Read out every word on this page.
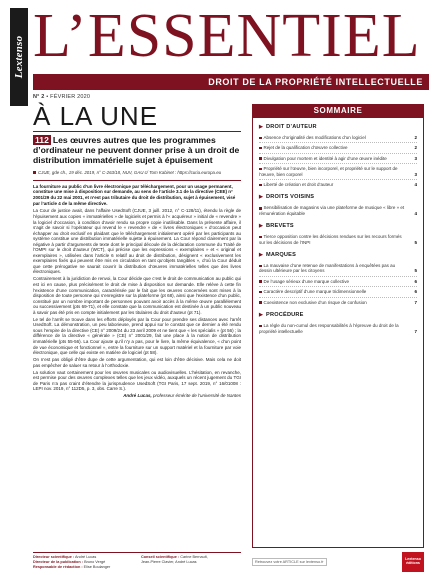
Lextenso L’ESSENTIEL
DROIT DE LA PROPRIÉTÉ INTELLECTUELLE
N° 2 • FÉVRIER 2020
À LA UNE
112 Les œuvres autres que les programmes d’ordinateur ne peuvent donner prise à un droit de distribution immatérielle sujet à épuisement
CJUE, gde ch., 19 déc. 2019, n° C-263/18, NUV, GAU c/ Tom Kabinet : https://curia.europa.eu
La fourniture au public d’un livre électronique par téléchargement, pour un usage permanent, constitue une mise à disposition sur demande, au sens de l’article 3.1 de la directive (CEE) n° 2001/29 du 22 mai 2001, et n’est pas tributaire du droit de distribution, sujet à épuisement, visé par l’article 4 de la même directive.

La Cour de justice avait, dans l’affaire UsedSoft (CJUE, 3 juill. 2012, n° C-128/11), étendu la règle de l’épuisement aux copies « immatérielles » de logiciels et permis à l’« acquéreur » initial de « revendre » la logiciel d’occasion, à condition d’avoir rendu sa propre copie inutilisable. Dans la présente affaire, il s’agit de savoir si l’opérateur qui revend le « revendre » de « livres électroniques » d’occasion peut échapper au droit exclusif en plaidant que le téléchargement initialement opéré par les participants au système constitue une distribution immatérielle sujette à épuisement. La Cour répond clairement par la négative à partir d’arguments de texte dont le principal découle de la déclaration commune du Traité de l’OMPI sur le droit d’auteur (WCT), qui précise que les expressions « exemplaires » et « original et exemplaires », utilisées dans l’article 6 relatif au droit de distribution, désignent « exclusivement les exemplaires fixés qui peuvent être mis en circulation en tant qu’objets tangibles », d’où la Cour déduit que cette prérogative ne saurait couvrir la distribution d’œuvres immatérielles telles que des livres électroniques.

Contrairement à la juridiction de renvoi, la Cour décide que c’est le droit de communication au public qui est ici en cause, plus précisément le droit de mise à disposition sur demande. Elle relève à cette fin l’existence d’une communication, caractérisée par le fait que les œuvres concernées sont mises à la disposition de toute personne qui s’enregistre sur la plateforme (pt 68), ainsi que l’existence d’un public, constitué par un nombre important de personnes pouvant avoir accès à la même œuvre parallèlement ou successivement (pts 69-71), et elle constate que la communication est destinée à un public nouveau à savoir pas été pris en compte initialement par les titulaires du droit d’auteur (pt 71).

Le tel de l’arrêt se trouve dans les efforts déployés par la Cour pour prendre ses distances avec l’arrêt UsedSoft. La démonstration, un peu laborieuse, prend appui sur le constat que ce dernier a été rendu sous l’empire de la directive (CE) n° 2009/24 du 23 avril 2009 et ne tient que « les spécialis » (pt 56) ; la différence de la directive « générale » (CE) n° 2001/29, fait une place à la notion de distribution immatérielle (pts 55-56). La Cour ajoute qu’il n’y a pas, pour le livre, la même équivalence, « d’un point de vue économique et fonctionnel », entre la fourniture sur un support matériel et la fourniture par voie électronique, que celle qui existe en matière de logiciel (pt 58).

On n’est pas obligé d’être dupe de cette argumentation, qui est loin d’être décisive. Mais cela ne doit pas empêcher de saluer sa retour à l’orthodoxie.

La solution vaut certainement pour les œuvres musicales ou audiovisuelles. L’hésitation, en revanche, est permise pour des œuvres complexes telles que les jeux vidéo, auxquels un récent jugement du TGI de Paris n’a pas craint d’étendre la jurisprudence UsedSoft (TGI Paris, 17 sept. 2019, n° 16/01008 : LEPI nov. 2019, n° 112D5, p. 3, obs. Carre S.).

André Lucas, professeur émérite de l’université de Nantes
SOMMAIRE
▶ DROIT D’AUTEUR
Absence d’originalité des modifications d’un logiciel	2
Rejet de la qualification d’œuvre collective	2
Divulgation pour mortem et identité à agir d’une œuvre inédite	3
Propriété sur l’œuvre, bien incorporel, et propriété sur le support de l’œuvre, bien corporel	3
Liberté de création et droit d’auteur	4
▶ DROITS VOISINS
Sensibilisation de magasins via une plateforme de musique « libre » et rémunération équitable	4
▶ BREVETS
Tierce opposition contre les décisions rendues sur les recours formés sur les décisions de l’INPI	5
▶ MARQUES
La mauvaise d’une retenue de manifestations à enquêtées pas au dessin ultérieure par les citoyens	5
De l’usage sérieux d’une marque collective	6
Caractère descriptif d’une marque tridimensionnelle	6
Coexistence non exclusive d’un risque de confusion	7
▶ PROCÉDURE
La règle du non-cumul des responsabilités à l’épreuve du droit de la propriété intellectuelle	7
Directeur scientifique : André Lucas
Directeur de la publication : Bruno Vergé
Responsable de rédaction : Elise Boulanger
Conseil scientifique : Carine Bernault,
Jean-Pierre Clavier, André Lucas	Retrouvez votre ARTICLE sur lextenso.fr
Lextenso éditions
